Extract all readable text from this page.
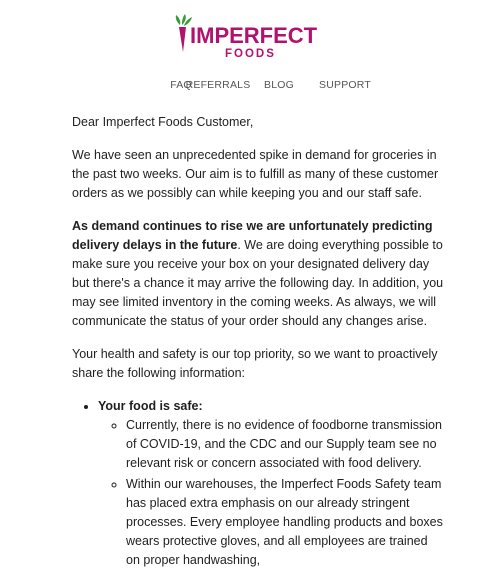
IMPERFECT
FOODS
FAQ
REFERRALS BLOG SUPPORT

Dear Imperfect Foods Customer,

We have seen an unprecedented spike in demand for groceries in the past two weeks. Our aim is to fulfill as many of these customer orders as we possibly can while keeping you and our staff safe.

As demand continues to rise we are unfortunately predicting delivery delays in the future. We are doing everything possible to make sure you receive your box on your designated delivery day but there's a chance it may arrive the following day. In addition, you may see limited inventory in the coming weeks. As always, we will communicate the status of your order should any changes arise.

Your health and safety is our top priority, so we want to proactively share the following information:

• Your food is safe:
◦ Currently, there is no evidence of foodborne transmission of COVID-19, and the CDC and our Supply team see no relevant risk or concern associated with food delivery.
◦ Within our warehouses, the Imperfect Foods Safety team has placed extra emphasis on our already stringent processes. Every employee handling products and boxes wears protective gloves, and all employees are trained on proper handwashing,
